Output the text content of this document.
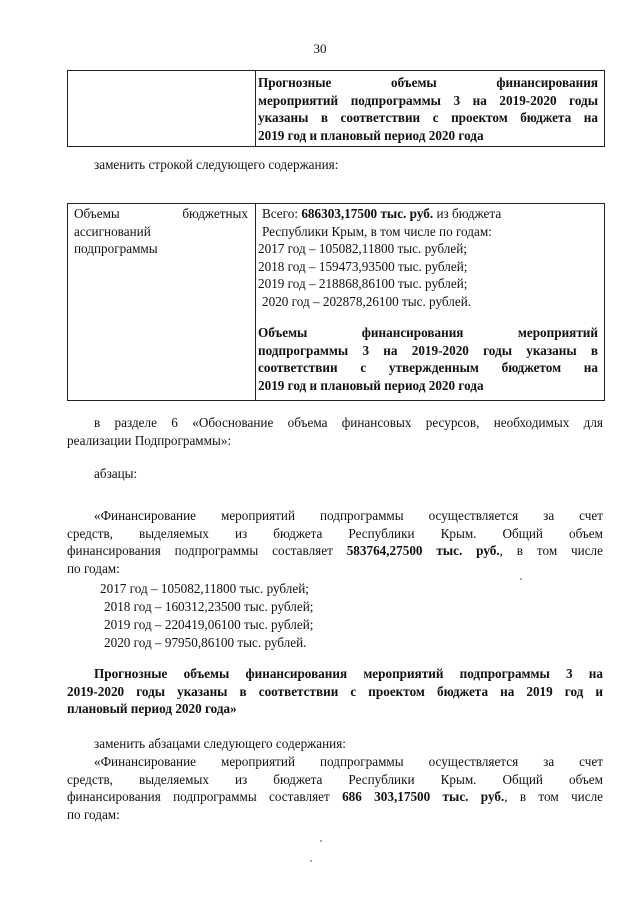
30

Прогнозные объемы финансирования

мероприятий подпрограммы 3 на 2019-2020 годы

указаны в соответствии с проектом бюджета на

2019 год и плановый период 2020 года

заменить строкой следующего содержания:

Объемы бюджетных

ассигнований

подпрограммы

Всего: 686303,17500 тыс. руб. из бюджета

Республики Крым, в том числе по годам:

2017 год – 105082,11800 тыс. рублей;

2018 год – 159473,93500 тыс. рублей;

2019 год – 218868,86100 тыс. рублей;

2020 год – 202878,26100 тыс. рублей.

Объемы финансирования мероприятий

подпрограммы 3 на 2019-2020 годы указаны в

соответствии с утвержденным бюджетом на

2019 год и плановый период 2020 года

в разделе 6 «Обоснование объема финансовых ресурсов, необходимых для

реализации Подпрограммы»:

абзацы:

«Финансирование мероприятий подпрограммы осуществляется за счет

средств, выделяемых из бюджета Республики Крым. Общий объем

финансирования подпрограммы составляет 583764,27500 тыс. руб., в том числе

по годам:

2017 год – 105082,11800 тыс. рублей;

2018 год – 160312,23500 тыс. рублей;

2019 год – 220419,06100 тыс. рублей;

2020 год – 97950,86100 тыс. рублей.

Прогнозные объемы финансирования мероприятий подпрограммы 3 на

2019-2020 годы указаны в соответствии с проектом бюджета на 2019 год и

плановый период 2020 года»

заменить абзацами следующего содержания:

«Финансирование мероприятий подпрограммы осуществляется за счет

средств, выделяемых из бюджета Республики Крым. Общий объем

финансирования подпрограммы составляет 686 303,17500 тыс. руб., в том числе

по годам:
